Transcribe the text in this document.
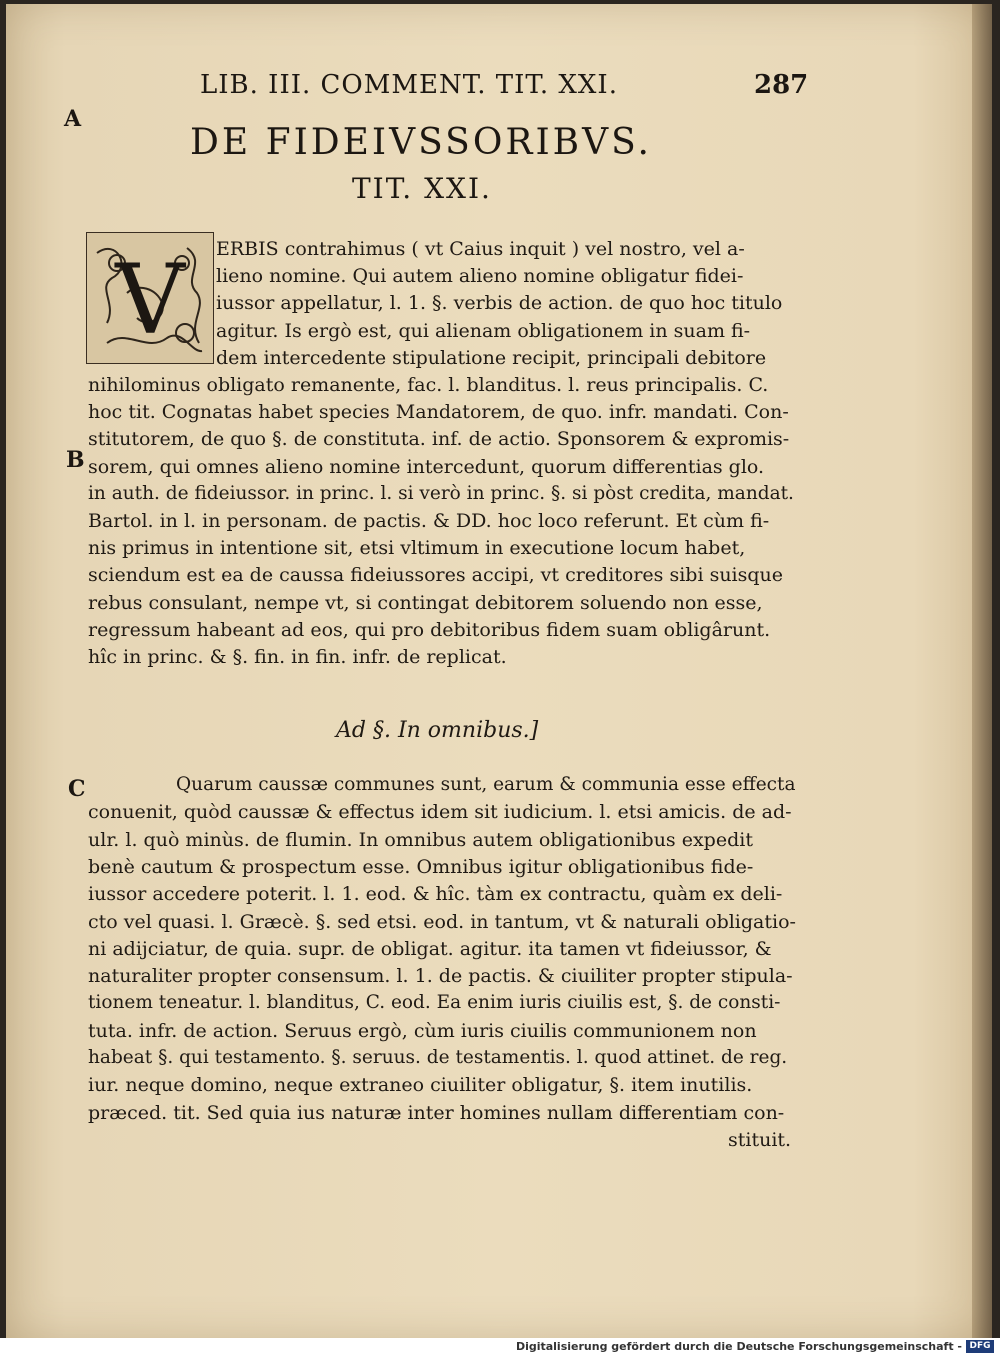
LIB. III. COMMENT. TIT. XXI.	287
A
B
C
DE FIDEIVSSORIBVS.
TIT. XXI.
V ERBIS contrahimus ( vt Caius inquit ) vel nostro, vel a-
lieno nomine. Qui autem alieno nomine obligatur fidei-
iussor appellatur, l. 1. §. verbis de action. de quo hoc titulo
agitur. Is ergò est, qui alienam obligationem in suam fi-
dem intercedente stipulatione recipit, principali debitore
nihilominus obligato remanente, fac. l. blanditus. l. reus principalis. C.
hoc tit. Cognatas habet species Mandatorem, de quo. infr. mandati. Con-
stitutorem, de quo §. de constituta. inf. de actio. Sponsorem & expromis-
sorem, qui omnes alieno nomine intercedunt, quorum differentias glo.
in auth. de fideiussor. in princ. l. si verò in princ. §. si pòst credita, mandat.
Bartol. in l. in personam. de pactis. & DD. hoc loco referunt. Et cùm fi-
nis primus in intentione sit, etsi vltimum in executione locum habet,
sciendum est ea de caussa fideiussores accipi, vt creditores sibi suisque
rebus consulant, nempe vt, si contingat debitorem soluendo non esse,
regressum habeant ad eos, qui pro debitoribus fidem suam obligârunt.
hîc in princ. & §. fin. in fin. infr. de replicat.
Ad §. In omnibus.]
Quarum caussæ communes sunt, earum & communia esse effecta
conuenit, quòd caussæ & effectus idem sit iudicium. l. etsi amicis. de ad-
ulr. l. quò minùs. de flumin. In omnibus autem obligationibus expedit
benè cautum & prospectum esse. Omnibus igitur obligationibus fide-
iussor accedere poterit. l. 1. eod. & hîc. tàm ex contractu, quàm ex deli-
cto vel quasi. l. Græcè. §. sed etsi. eod. in tantum, vt & naturali obligatio-
ni adijciatur, de quia. supr. de obligat. agitur. ita tamen vt fideiussor, &
naturaliter propter consensum. l. 1. de pactis. & ciuiliter propter stipula-
tionem teneatur. l. blanditus, C. eod. Ea enim iuris ciuilis est, §. de consti-
tuta. infr. de action. Seruus ergò, cùm iuris ciuilis communionem non
habeat §. qui testamento. §. seruus. de testamentis. l. quod attinet. de reg.
iur. neque domino, neque extraneo ciuiliter obligatur, §. item inutilis.
præced. tit. Sed quia ius naturæ inter homines nullam differentiam con-
stituit.
Digitalisierung gefördert durch die Deutsche Forschungsgemeinschaft - DFG
